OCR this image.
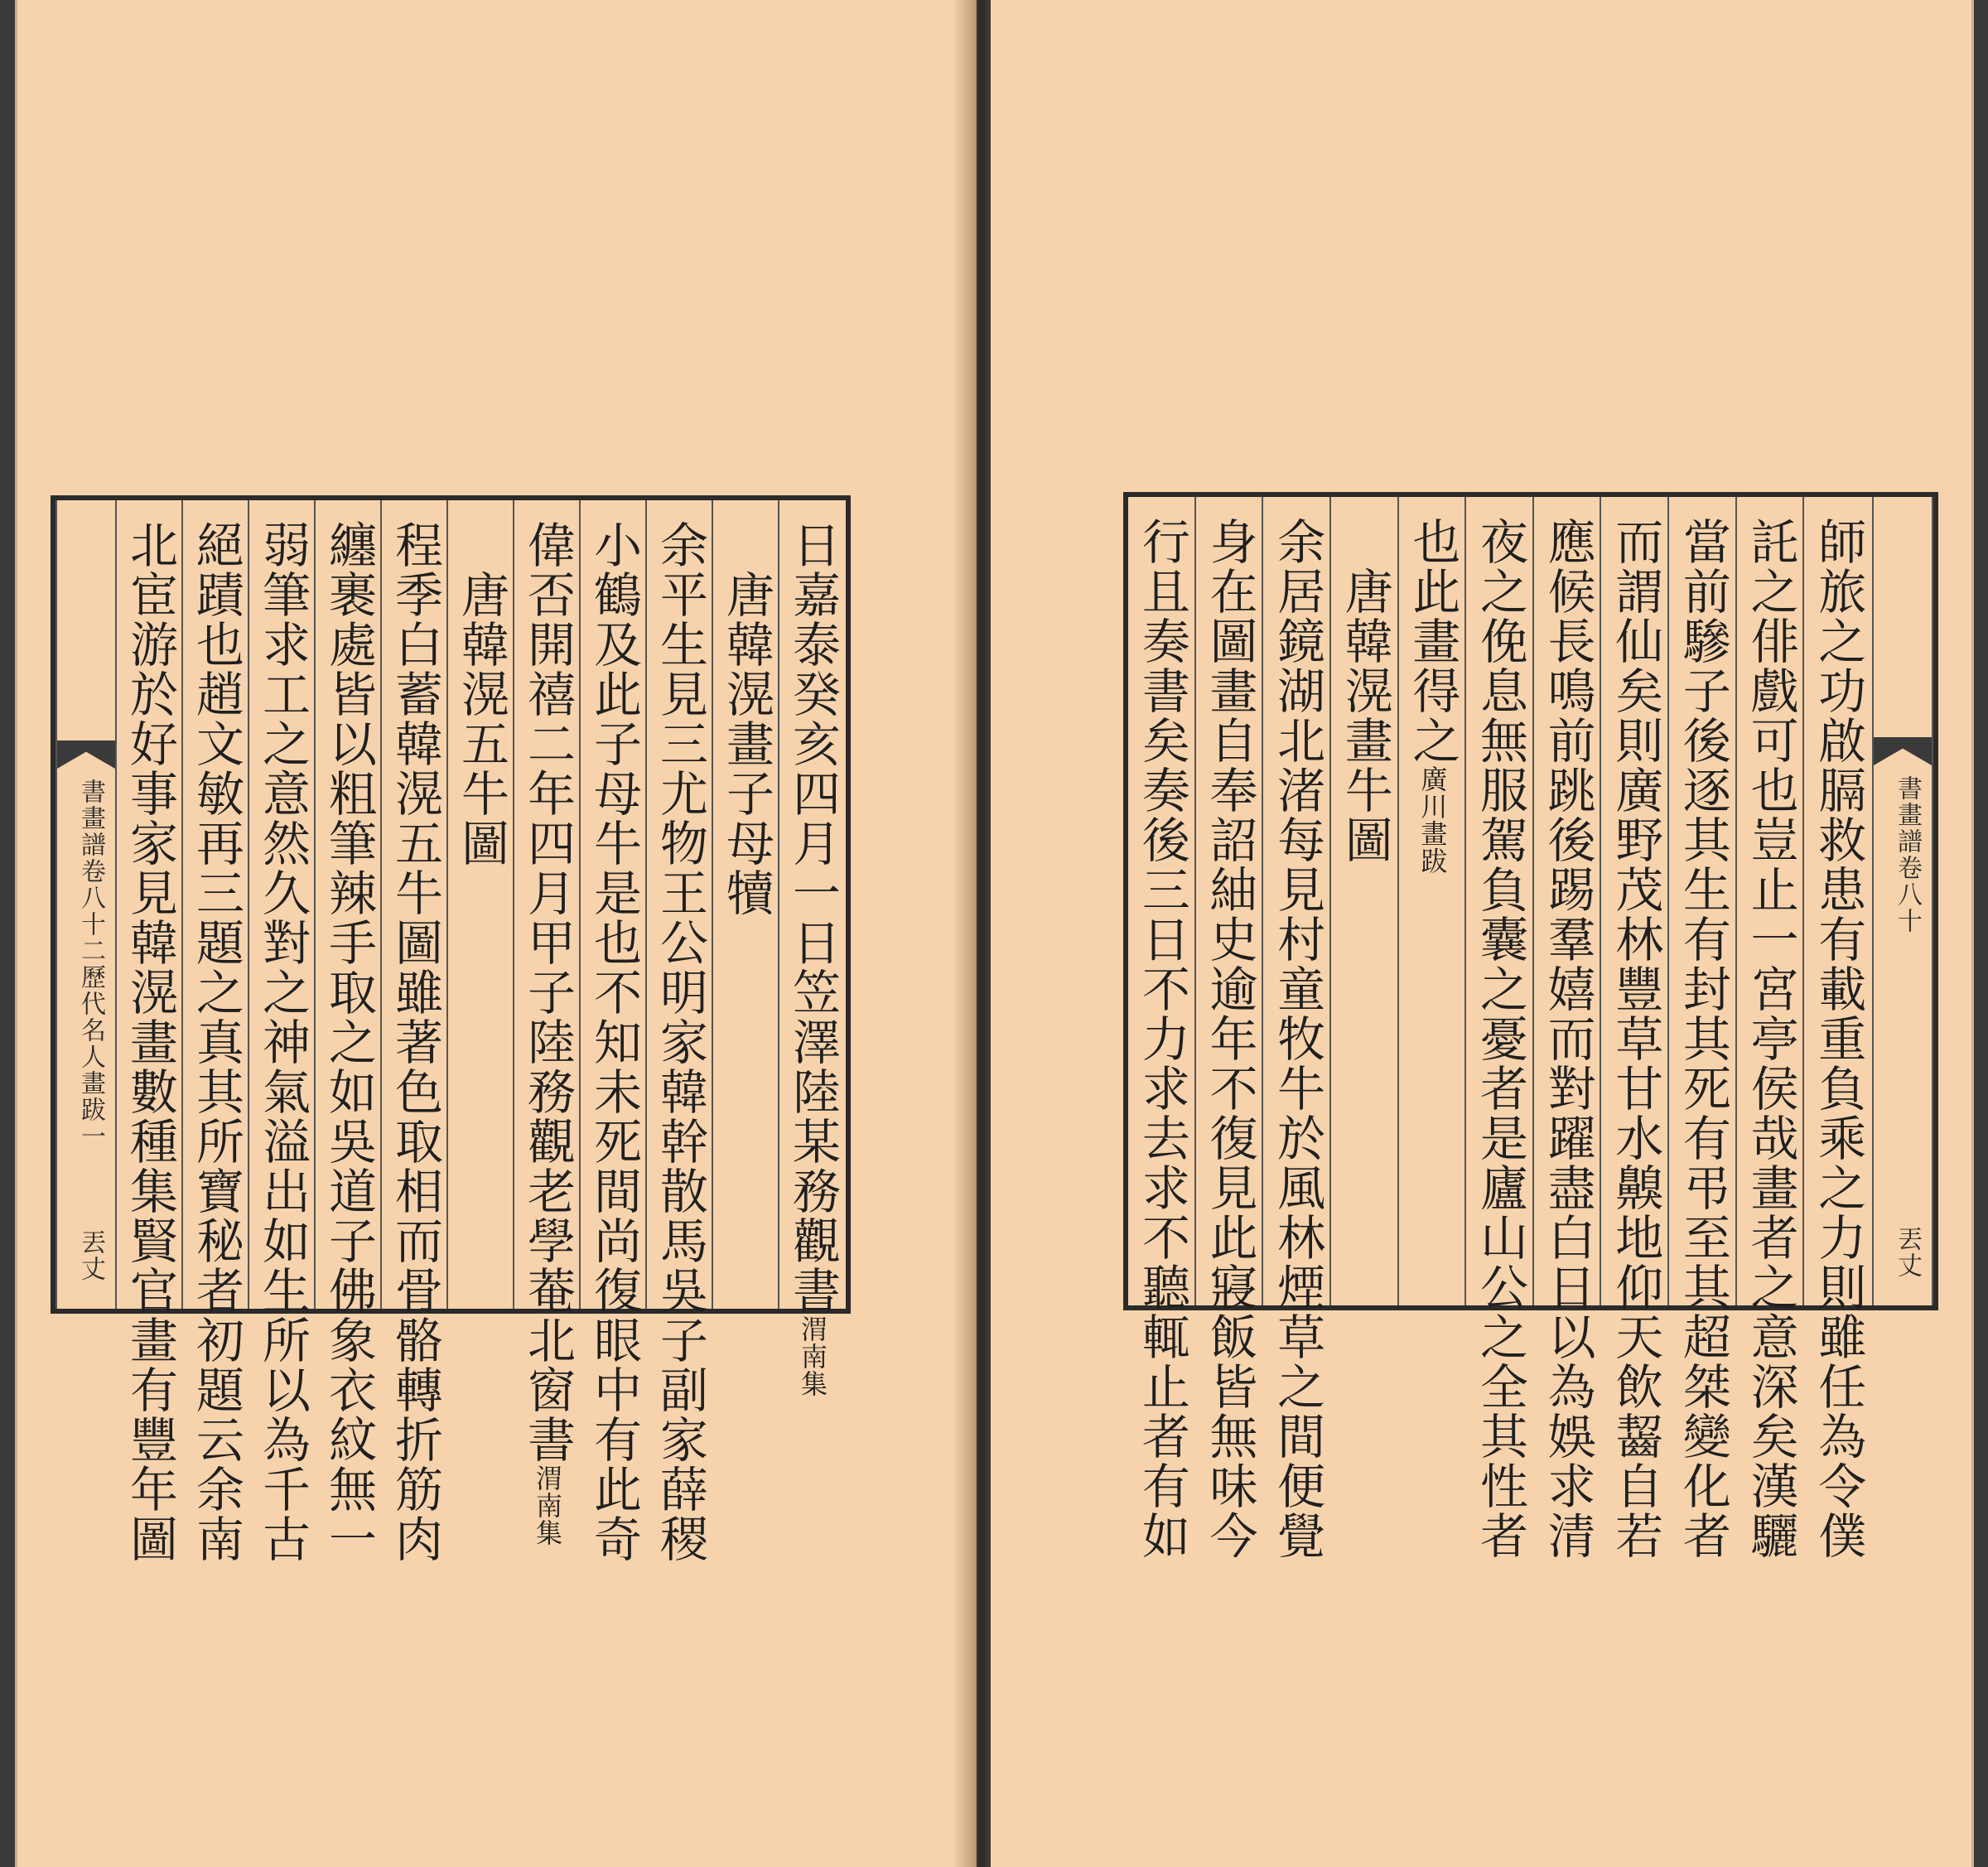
日嘉泰癸亥四月一日笠澤陸某務觀書渭南集
　唐韓滉畫子母犢
余平生見三尤物王公明家韓幹散馬吳子副家薛稷
小鶴及此子母牛是也不知未死間尚復眼中有此奇
偉否開禧二年四月甲子陸務觀老學菴北窗書渭南集
　唐韓滉五牛圖
程季白蓄韓滉五牛圖雖著色取相而骨骼轉折筋肉
纏裹處皆以粗筆辣手取之如吳道子佛象衣紋無一
弱筆求工之意然久對之神氣溢出如生所以為千古
絕蹟也趙文敏再三題之真其所寶秘者初題云余南
北宦游於好事家見韓滉畫數種集賢官畫有豐年圖
書畫譜卷八十二歷代名人畫跋一
丟丈	師旅之功啟膈救患有載重負乘之力則雖任為令僕
託之俳戲可也豈止一宮亭侯哉畫者之意深矣漢驪
當前驂子後逐其生有封其死有弔至其超桀變化者
而謂仙矣則廣野茂林豐草甘水齅地仰天飲齧自若
應候長鳴前跳後踢羣嬉而對躍盡白日以為娛求清
夜之俛息無服駕負囊之憂者是廬山公之全其性者
也此畫得之廣川畫跋
　唐韓滉畫牛圖
余居鏡湖北渚每見村童牧牛於風林煙草之間便覺
身在圖畫自奉詔紬史逾年不復見此寢飯皆無味今
行且奏書矣奏後三日不力求去求不聽輒止者有如	書畫譜卷八十
丟丈
